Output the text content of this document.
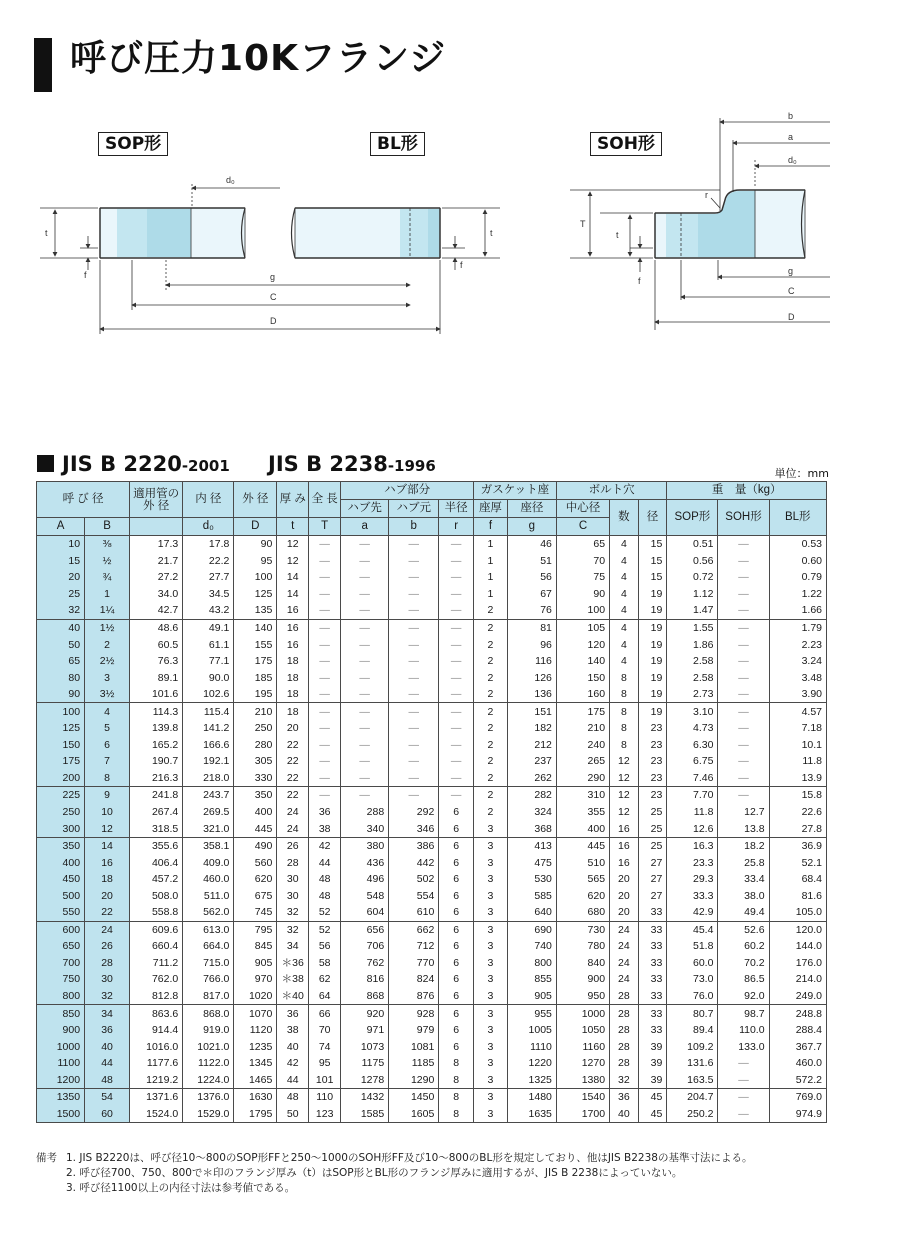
呼び圧力10Kフランジ
SOP形	BL形	SOH形
d₀
g
C
D
t
f
t
f
b
a
d₀
g
C
D
T
t
f
r
JIS B 2220-2001 JIS B 2238-1996	単位：mm
呼 び 径		適用管の外 径	内 径	外 径	厚 み	全 長	ハブ部分			ガスケット座		ボルト穴			重　量（kg）		
							ハブ先	ハブ元	半径	座厚	座径	中心径	数	径	SOP形	SOH形	BL形
A	B		d₀	D	t	T	a	b	r	f	g	C					
10	⅜	17.3	17.8	90	12	—	—	—	—	1	46	65	4	15	0.51	—	0.53
15	½	21.7	22.2	95	12	—	—	—	—	1	51	70	4	15	0.56	—	0.60
20	¾	27.2	27.7	100	14	—	—	—	—	1	56	75	4	15	0.72	—	0.79
25	1	34.0	34.5	125	14	—	—	—	—	1	67	90	4	19	1.12	—	1.22
32	1¼	42.7	43.2	135	16	—	—	—	—	2	76	100	4	19	1.47	—	1.66
40	1½	48.6	49.1	140	16	—	—	—	—	2	81	105	4	19	1.55	—	1.79
50	2	60.5	61.1	155	16	—	—	—	—	2	96	120	4	19	1.86	—	2.23
65	2½	76.3	77.1	175	18	—	—	—	—	2	116	140	4	19	2.58	—	3.24
80	3	89.1	90.0	185	18	—	—	—	—	2	126	150	8	19	2.58	—	3.48
90	3½	101.6	102.6	195	18	—	—	—	—	2	136	160	8	19	2.73	—	3.90
100	4	114.3	115.4	210	18	—	—	—	—	2	151	175	8	19	3.10	—	4.57
125	5	139.8	141.2	250	20	—	—	—	—	2	182	210	8	23	4.73	—	7.18
150	6	165.2	166.6	280	22	—	—	—	—	2	212	240	8	23	6.30	—	10.1
175	7	190.7	192.1	305	22	—	—	—	—	2	237	265	12	23	6.75	—	11.8
200	8	216.3	218.0	330	22	—	—	—	—	2	262	290	12	23	7.46	—	13.9
225	9	241.8	243.7	350	22	—	—	—	—	2	282	310	12	23	7.70	—	15.8
250	10	267.4	269.5	400	24	36	288	292	6	2	324	355	12	25	11.8	12.7	22.6
300	12	318.5	321.0	445	24	38	340	346	6	3	368	400	16	25	12.6	13.8	27.8
350	14	355.6	358.1	490	26	42	380	386	6	3	413	445	16	25	16.3	18.2	36.9
400	16	406.4	409.0	560	28	44	436	442	6	3	475	510	16	27	23.3	25.8	52.1
450	18	457.2	460.0	620	30	48	496	502	6	3	530	565	20	27	29.3	33.4	68.4
500	20	508.0	511.0	675	30	48	548	554	6	3	585	620	20	27	33.3	38.0	81.6
550	22	558.8	562.0	745	32	52	604	610	6	3	640	680	20	33	42.9	49.4	105.0
600	24	609.6	613.0	795	32	52	656	662	6	3	690	730	24	33	45.4	52.6	120.0
650	26	660.4	664.0	845	34	56	706	712	6	3	740	780	24	33	51.8	60.2	144.0
700	28	711.2	715.0	905	＊36	58	762	770	6	3	800	840	24	33	60.0	70.2	176.0
750	30	762.0	766.0	970	＊38	62	816	824	6	3	855	900	24	33	73.0	86.5	214.0
800	32	812.8	817.0	1020	＊40	64	868	876	6	3	905	950	28	33	76.0	92.0	249.0
850	34	863.6	868.0	1070	36	66	920	928	6	3	955	1000	28	33	80.7	98.7	248.8
900	36	914.4	919.0	1120	38	70	971	979	6	3	1005	1050	28	33	89.4	110.0	288.4
1000	40	1016.0	1021.0	1235	40	74	1073	1081	6	3	1110	1160	28	39	109.2	133.0	367.7
1100	44	1177.6	1122.0	1345	42	95	1175	1185	8	3	1220	1270	28	39	131.6	—	460.0
1200	48	1219.2	1224.0	1465	44	101	1278	1290	8	3	1325	1380	32	39	163.5	—	572.2
1350	54	1371.6	1376.0	1630	48	110	1432	1450	8	3	1480	1540	36	45	204.7	—	769.0
1500	60	1524.0	1529.0	1795	50	123	1585	1605	8	3	1635	1700	40	45	250.2	—	974.9
備考 1. JIS B2220は、呼び径10〜800のSOP形FFと250〜1000のSOH形FF及び10〜800のBL形を規定しており、他はJIS B2238の基準寸法による。
2. 呼び径700、750、800で＊印のフランジ厚み（t）はSOP形とBL形のフランジ厚みに適用するが、JIS B 2238によっていない。
3. 呼び径1100以上の内径寸法は参考値である。
